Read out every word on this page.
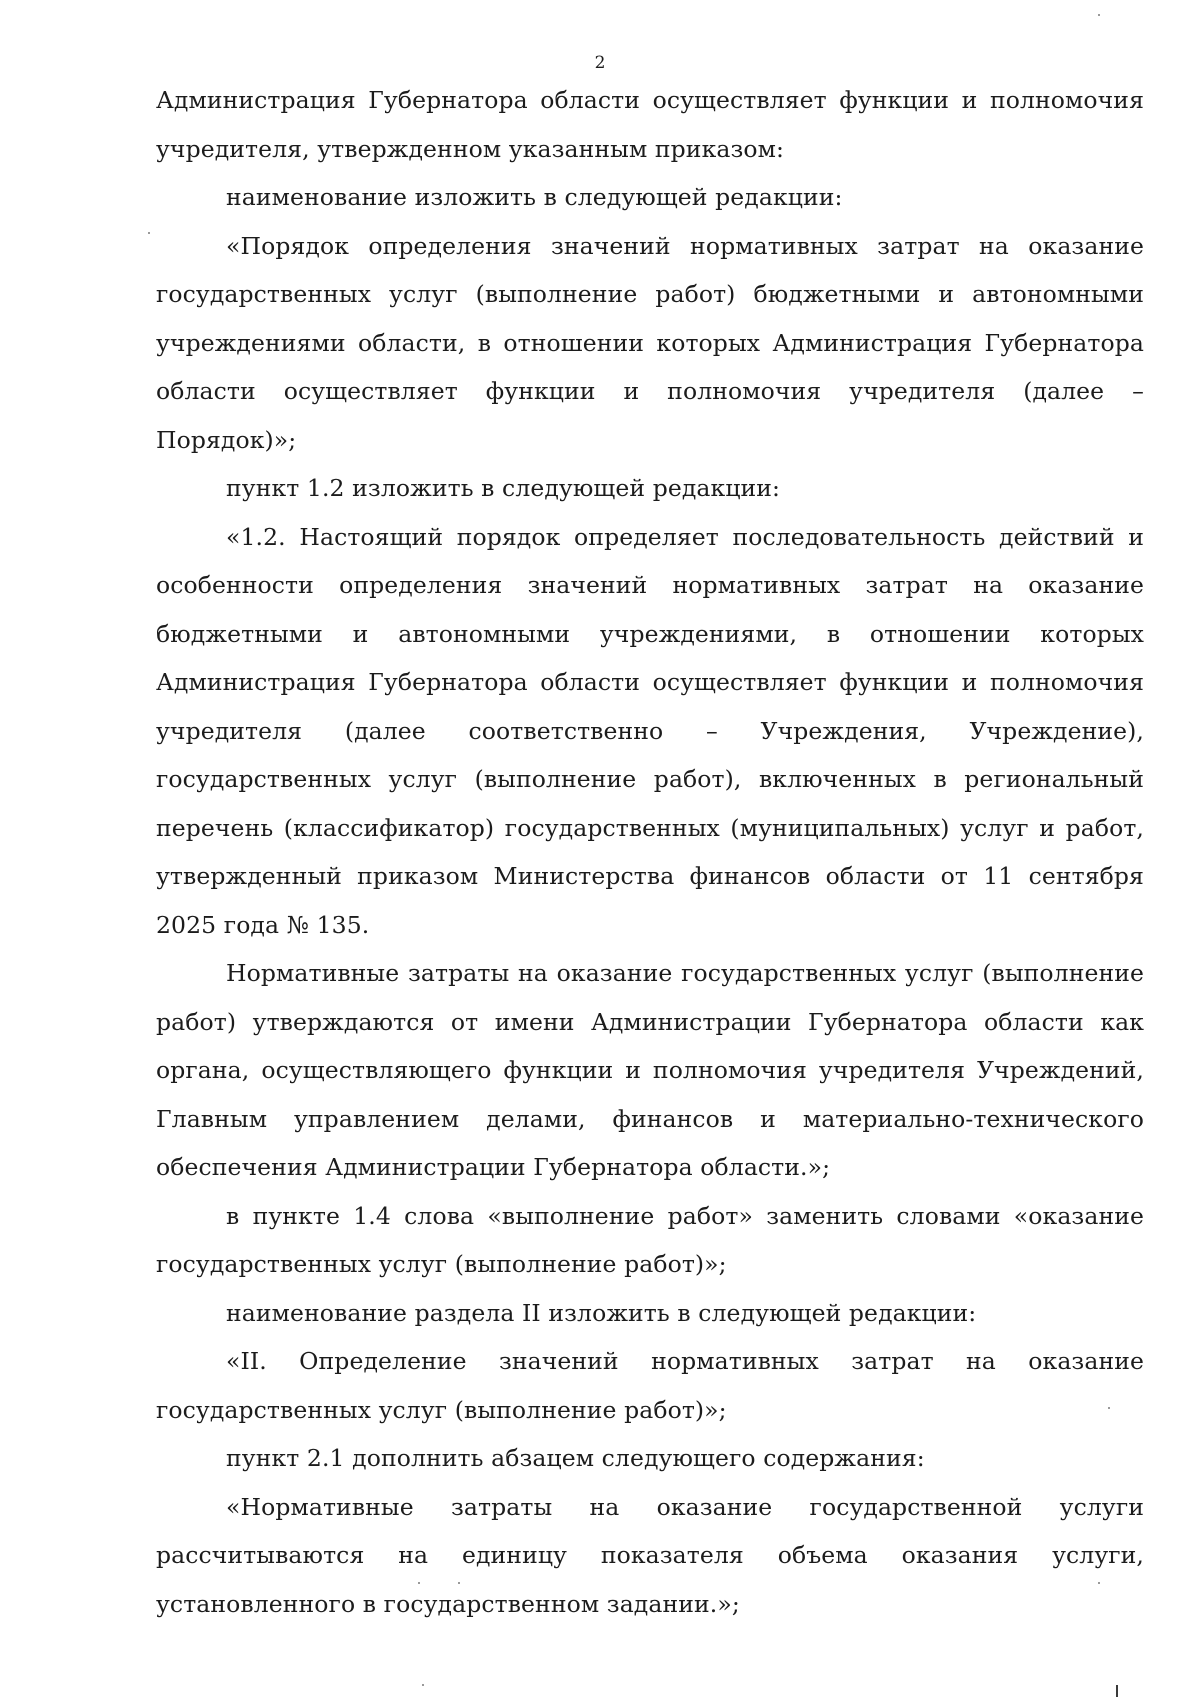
2

Администрация Губернатора области осуществляет функции и полномочия учредителя, утвержденном указанным приказом:

наименование изложить в следующей редакции:

«Порядок определения значений нормативных затрат на оказание государственных услуг (выполнение работ) бюджетными и автономными учреждениями области, в отношении которых Администрация Губернатора области осуществляет функции и полномочия учредителя (далее – Порядок)»;

пункт 1.2 изложить в следующей редакции:

«1.2. Настоящий порядок определяет последовательность действий и особенности определения значений нормативных затрат на оказание бюджетными и автономными учреждениями, в отношении которых Администрация Губернатора области осуществляет функции и полномочия учредителя (далее соответственно – Учреждения, Учреждение), государственных услуг (выполнение работ), включенных в региональный перечень (классификатор) государственных (муниципальных) услуг и работ, утвержденный приказом Министерства финансов области от 11 сентября 2025 года № 135.

Нормативные затраты на оказание государственных услуг (выполнение работ) утверждаются от имени Администрации Губернатора области как органа, осуществляющего функции и полномочия учредителя Учреждений, Главным управлением делами, финансов и материально-технического обеспечения Администрации Губернатора области.»;

в пункте 1.4 слова «выполнение работ» заменить словами «оказание государственных услуг (выполнение работ)»;

наименование раздела II изложить в следующей редакции:

«II. Определение значений нормативных затрат на оказание государственных услуг (выполнение работ)»;

пункт 2.1 дополнить абзацем следующего содержания:

«Нормативные затраты на оказание государственной услуги рассчитываются на единицу показателя объема оказания услуги, установленного в государственном задании.»;
